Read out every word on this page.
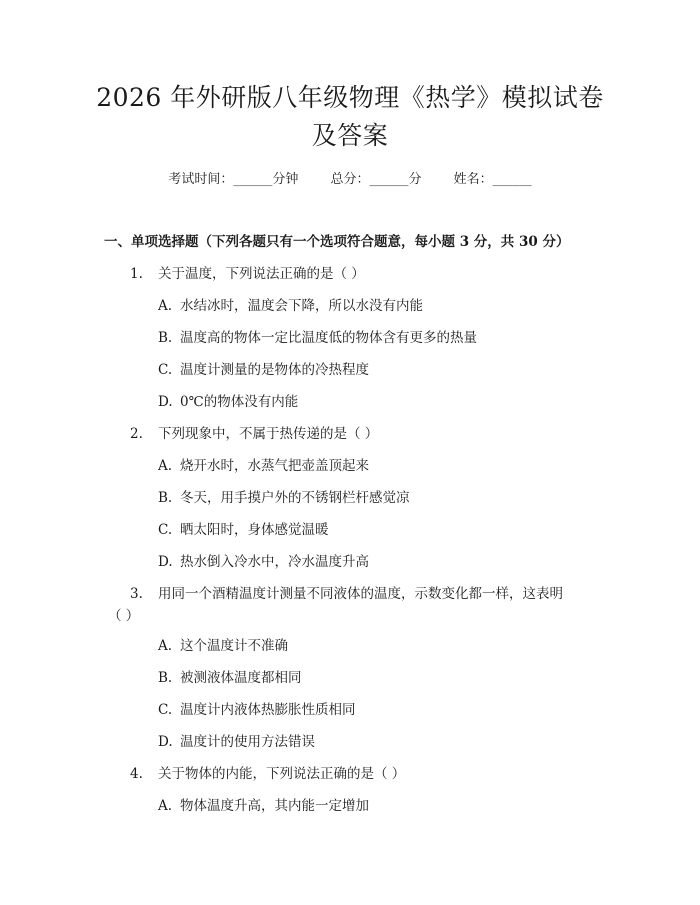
2026 年外研版八年级物理《热学》模拟试卷
及答案
考试时间：______分钟 总分：______分 姓名：______
一、单项选择题（下列各题只有一个选项符合题意，每小题 3 分，共 30 分）
1. 关于温度，下列说法正确的是（ ）
A. 水结冰时，温度会下降，所以水没有内能
B. 温度高的物体一定比温度低的物体含有更多的热量
C. 温度计测量的是物体的冷热程度
D. 0℃的物体没有内能
2. 下列现象中，不属于热传递的是（ ）
A. 烧开水时，水蒸气把壶盖顶起来
B. 冬天，用手摸户外的不锈钢栏杆感觉凉
C. 晒太阳时，身体感觉温暖
D. 热水倒入冷水中，冷水温度升高
3. 用同一个酒精温度计测量不同液体的温度，示数变化都一样，这表明
（ ）
A. 这个温度计不准确
B. 被测液体温度都相同
C. 温度计内液体热膨胀性质相同
D. 温度计的使用方法错误
4. 关于物体的内能，下列说法正确的是（ ）
A. 物体温度升高，其内能一定增加
